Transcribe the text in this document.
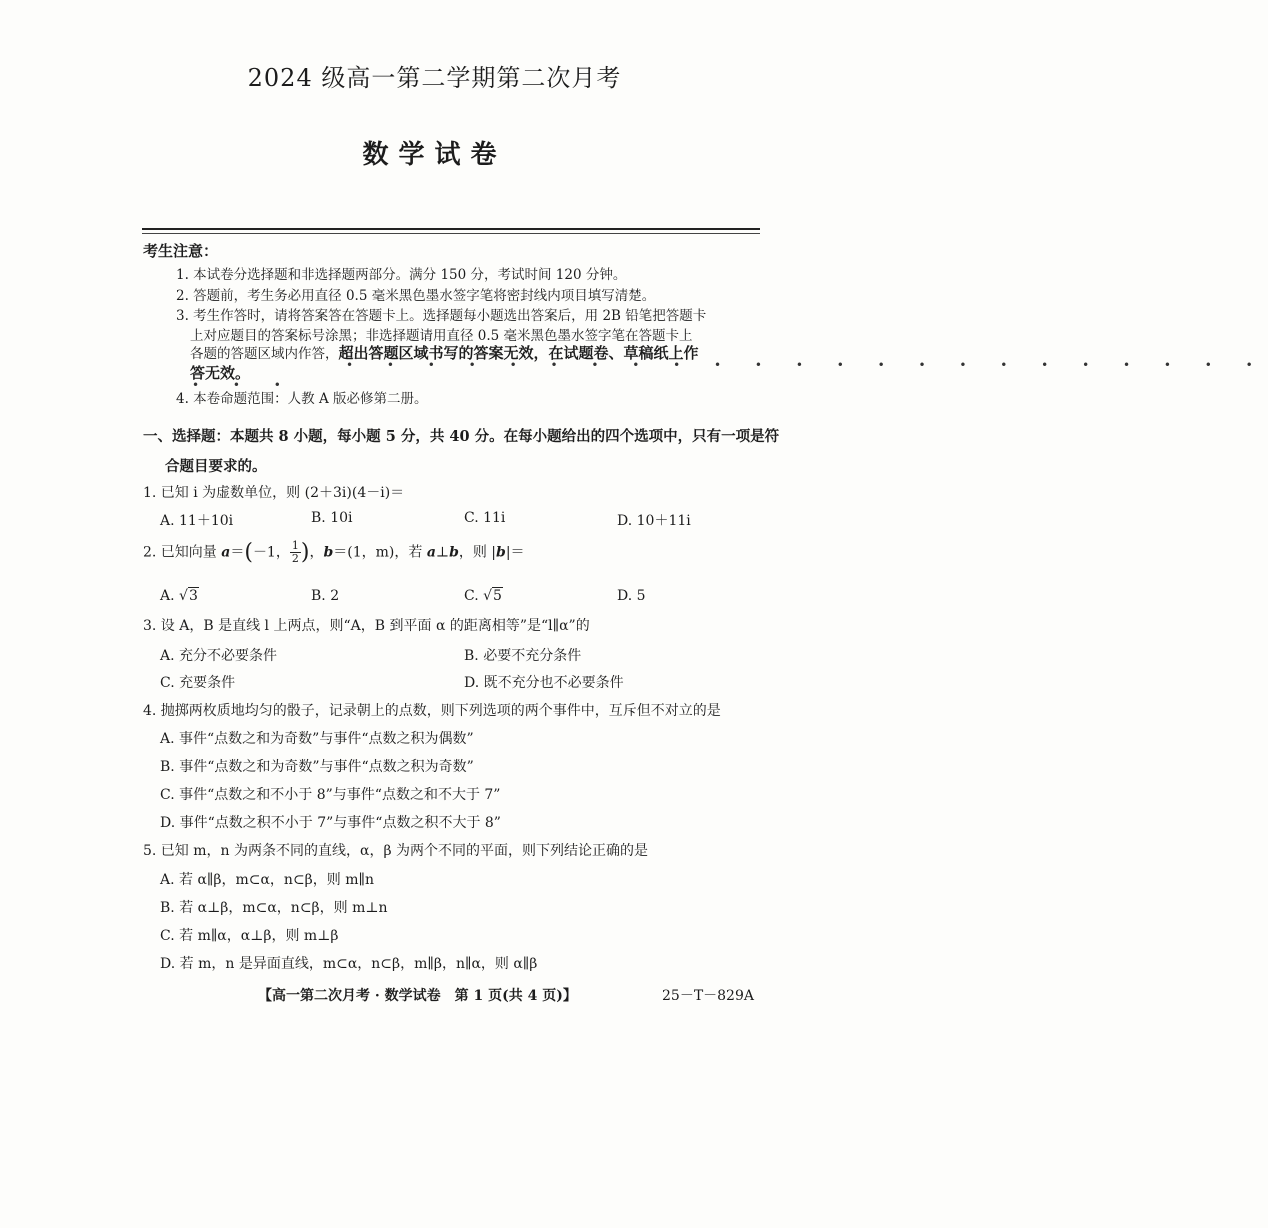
2024 级高一第二学期第二次月考
数学试卷
考生注意：
1. 本试卷分选择题和非选择题两部分。满分 150 分，考试时间 120 分钟。
2. 答题前，考生务必用直径 0.5 毫米黑色墨水签字笔将密封线内项目填写清楚。
3. 考生作答时，请将答案答在答题卡上。选择题每小题选出答案后，用 2B 铅笔把答题卡
上对应题目的答案标号涂黑；非选择题请用直径 0.5 毫米黑色墨水签字笔在答题卡上
各题的答题区域内作答，超出答题区域书写的答案无效，在试题卷、草稿纸上作
• • • • • • • • • • • • • • • • • • • • • • •
答无效。
• • •
4. 本卷命题范围：人教 A 版必修第二册。
一、选择题：本题共 8 小题，每小题 5 分，共 40 分。在每小题给出的四个选项中，只有一项是符
合题目要求的。
1. 已知 i 为虚数单位，则 (2＋3i)(4－i)＝
A. 11＋10i	B. 10i	C. 11i	D. 10＋11i
2. 已知向量 a＝(－1， $\frac{1}{2}$ )，b＝(1，m)，若 a⊥b，则 |b|＝
A. √3	B. 2	C. √5	D. 5
3. 设 A，B 是直线 l 上两点，则“A，B 到平面 α 的距离相等”是“l∥α”的
A. 充分不必要条件	B. 必要不充分条件
C. 充要条件	D. 既不充分也不必要条件
4. 抛掷两枚质地均匀的骰子，记录朝上的点数，则下列选项的两个事件中，互斥但不对立的是
A. 事件“点数之和为奇数”与事件“点数之积为偶数”
B. 事件“点数之和为奇数”与事件“点数之积为奇数”
C. 事件“点数之和不小于 8”与事件“点数之和不大于 7”
D. 事件“点数之积不小于 7”与事件“点数之积不大于 8”
5. 已知 m，n 为两条不同的直线，α，β 为两个不同的平面，则下列结论正确的是
A. 若 α∥β，m⊂α，n⊂β，则 m∥n
B. 若 α⊥β，m⊂α，n⊂β，则 m⊥n
C. 若 m∥α，α⊥β，则 m⊥β
D. 若 m，n 是异面直线，m⊂α，n⊂β，m∥β，n∥α，则 α∥β
【高一第二次月考 · 数学试卷　第 1 页(共 4 页)】	25－T－829A
